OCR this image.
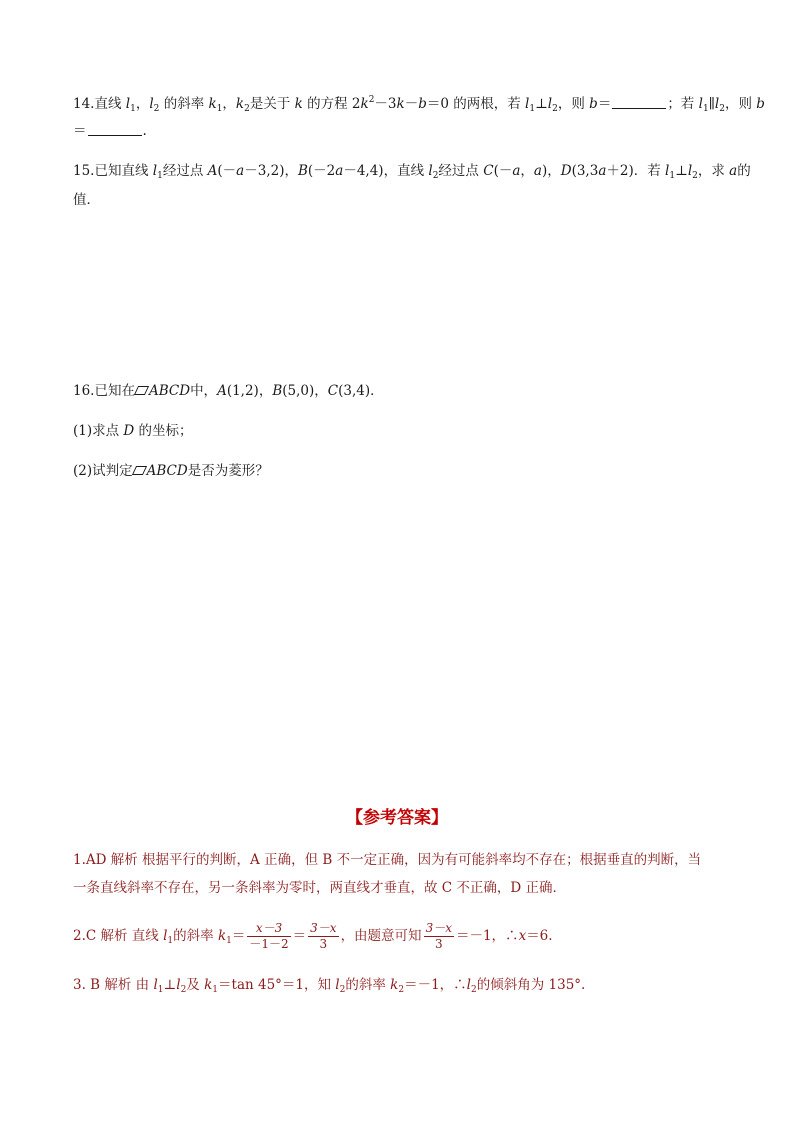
14.直线 $l_1$，$l_2$ 的斜率 $k_1$，$k_2$是关于 k 的方程 $2k^2-3k-b=0$ 的两根，若 $l_1\perp l_2$，则 b＝	；若 $l_1\parallel l_2$，则 b
＝	.
15.已知直线 $l_1$经过点 A(－a－3,2)，B(－2a－4,4)，直线 $l_2$经过点 C(－a，a)，D(3,3a＋2)．若 $l_1\perp l_2$，求 a的
值．
16.已知在 ABCD中，A(1,2)，B(5,0)，C(3,4)．
(1)求点 D 的坐标；
(2)试判定 ABCD是否为菱形？
【参考答案】
1.AD 解析 根据平行的判断，A 正确，但 B 不一定正确，因为有可能斜率均不存在；根据垂直的判断，当
一条直线斜率不存在，另一条斜率为零时，两直线才垂直，故 C 不正确，D 正确．
2.C 解析 直线 $l_1$的斜率 $k_1= \frac{x-3}{-1-2} = \frac{3-x}{3}$ ，由题意可知 $\frac{3-x}{3} =-1$，∴x＝6.
3. B 解析 由 $l_1\perp l_2$及 $k_1=\tan$ 45°＝1，知 $l_2$的斜率 $k_2=-1$，$\therefore l_2$的倾斜角为 135°.
